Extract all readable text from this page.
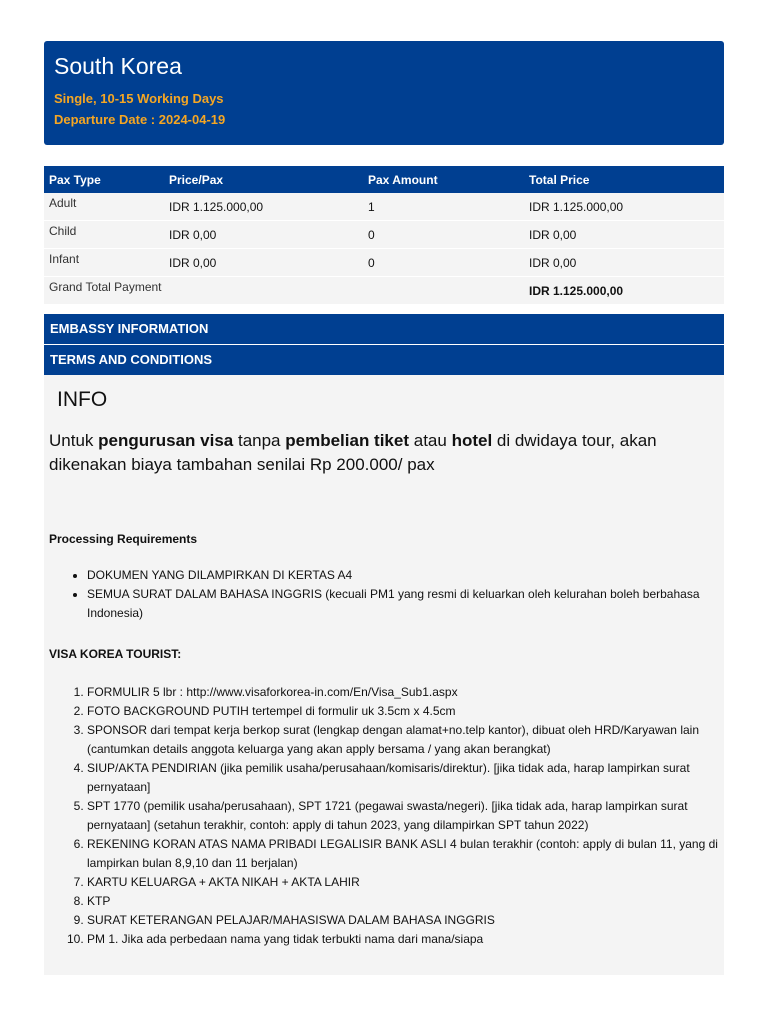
South Korea
Single, 10-15 Working Days
Departure Date : 2024-04-19
Pax Type	Price/Pax	Pax Amount	Total Price
Adult	IDR 1.125.000,00	1	IDR 1.125.000,00
Child	IDR 0,00	0	IDR 0,00
Infant	IDR 0,00	0	IDR 0,00
Grand Total Payment			IDR 1.125.000,00
EMBASSY INFORMATION
TERMS AND CONDITIONS
INFO

Untuk pengurusan visa tanpa pembelian tiket atau hotel di dwidaya tour, akan dikenakan biaya tambahan senilai Rp 200.000/ pax

Processing Requirements

• DOKUMEN YANG DILAMPIRKAN DI KERTAS A4
• SEMUA SURAT DALAM BAHASA INGGRIS (kecuali PM1 yang resmi di keluarkan oleh kelurahan boleh berbahasa Indonesia)

VISA KOREA TOURIST:

1. FORMULIR 5 lbr : http://www.visaforkorea-in.com/En/Visa_Sub1.aspx
2. FOTO BACKGROUND PUTIH tertempel di formulir uk 3.5cm x 4.5cm
3. SPONSOR dari tempat kerja berkop surat (lengkap dengan alamat+no.telp kantor), dibuat oleh HRD/Karyawan lain (cantumkan details anggota keluarga yang akan apply bersama / yang akan berangkat)
4. SIUP/AKTA PENDIRIAN (jika pemilik usaha/perusahaan/komisaris/direktur). [jika tidak ada, harap lampirkan surat pernyataan]
5. SPT 1770 (pemilik usaha/perusahaan), SPT 1721 (pegawai swasta/negeri). [jika tidak ada, harap lampirkan surat pernyataan] (setahun terakhir, contoh: apply di tahun 2023, yang dilampirkan SPT tahun 2022)
6. REKENING KORAN ATAS NAMA PRIBADI LEGALISIR BANK ASLI 4 bulan terakhir (contoh: apply di bulan 11, yang di lampirkan bulan 8,9,10 dan 11 berjalan)
7. KARTU KELUARGA + AKTA NIKAH + AKTA LAHIR
8. KTP
9. SURAT KETERANGAN PELAJAR/MAHASISWA DALAM BAHASA INGGRIS
10. PM 1. Jika ada perbedaan nama yang tidak terbukti nama dari mana/siapa
